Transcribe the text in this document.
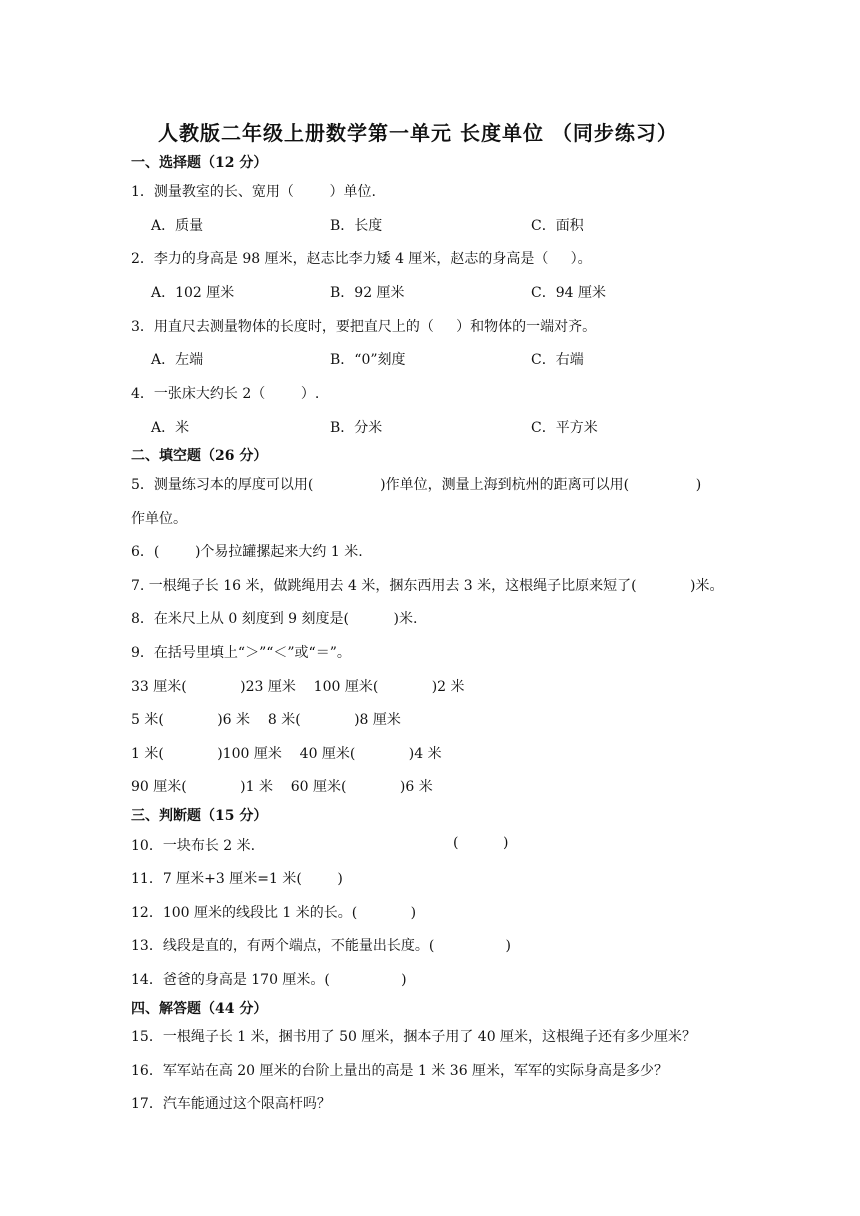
人教版二年级上册数学第一单元 长度单位 （同步练习）
一、选择题（12 分）
1．测量教室的长、宽用（        ）单位.
A．质量	B．长度	C．面积
2．李力的身高是 98 厘米，赵志比李力矮 4 厘米，赵志的身高是（     ）。
A．102 厘米	B．92 厘米	C．94 厘米
3．用直尺去测量物体的长度时，要把直尺上的（     ）和物体的一端对齐。
A．左端	B．“0”刻度	C．右端
4．一张床大约长 2（        ）.
A．米	B．分米	C．平方米
二、填空题（26 分）
5．测量练习本的厚度可以用(               )作单位，测量上海到杭州的距离可以用(               )
作单位。
6．(        )个易拉罐摞起来大约 1 米.
7. 一根绳子长 16 米，做跳绳用去 4 米，捆东西用去 3 米，这根绳子比原来短了(            )米。
8．在米尺上从 0 刻度到 9 刻度是(          )米.
9．在括号里填上“＞”“＜”或“＝”。
33 厘米(            )23 厘米    100 厘米(            )2 米
5 米(            )6 米    8 米(            )8 厘米
1 米(            )100 厘米    40 厘米(            )4 米
90 厘米(            )1 米    60 厘米(            )6 米
三、判断题（15 分）
10．一块布长 2 米.	(          )
11．7 厘米+3 厘米=1 米(        )
12．100 厘米的线段比 1 米的长。(            )
13．线段是直的，有两个端点，不能量出长度。(                )
14．爸爸的身高是 170 厘米。(                )
四、解答题（44 分）
15．一根绳子长 1 米，捆书用了 50 厘米，捆本子用了 40 厘米，这根绳子还有多少厘米？
16．军军站在高 20 厘米的台阶上量出的高是 1 米 36 厘米，军军的实际身高是多少？
17．汽车能通过这个限高杆吗？
